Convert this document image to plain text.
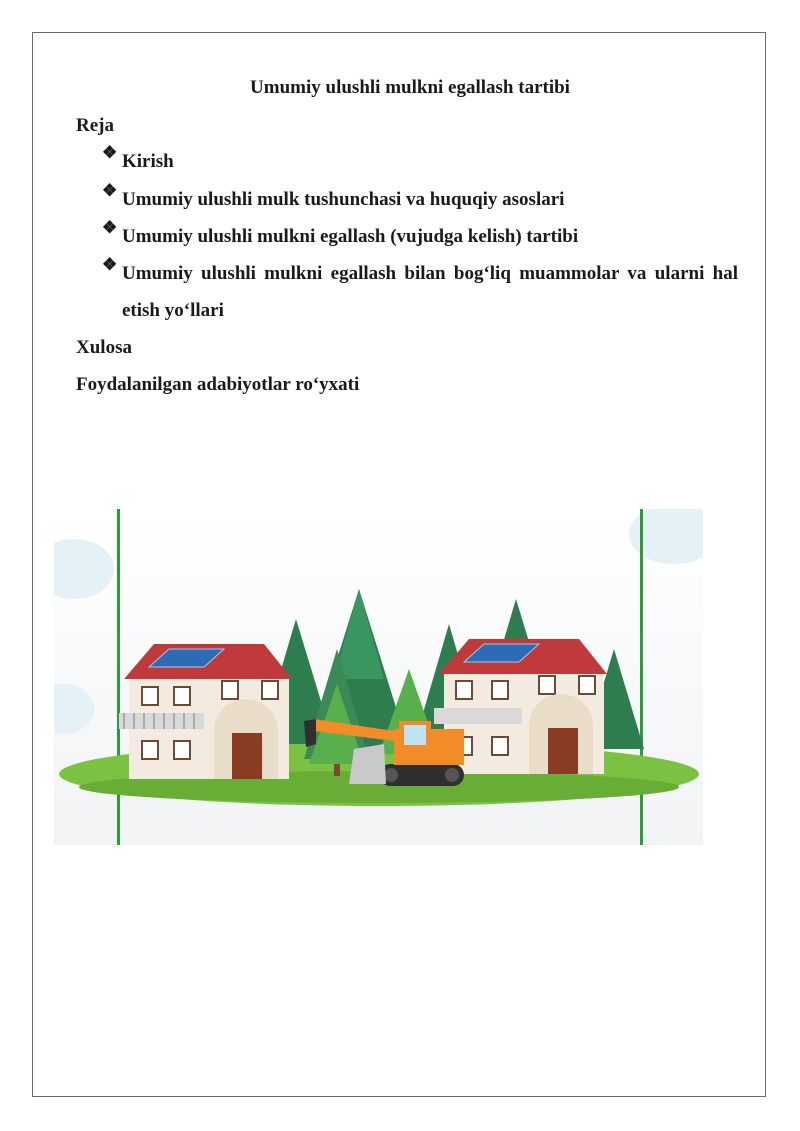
Umumiy ulushli mulkni egallash tartibi
Reja
❖ Kirish
❖ Umumiy ulushli mulk tushunchasi va huquqiy asoslari
❖ Umumiy ulushli mulkni egallash (vujudga kelish) tartibi
❖ Umumiy ulushli mulkni egallash bilan bog‘liq muammolar va ularni hal etish yo‘llari
Xulosa
Foydalanilgan adabiyotlar ro‘yxati
